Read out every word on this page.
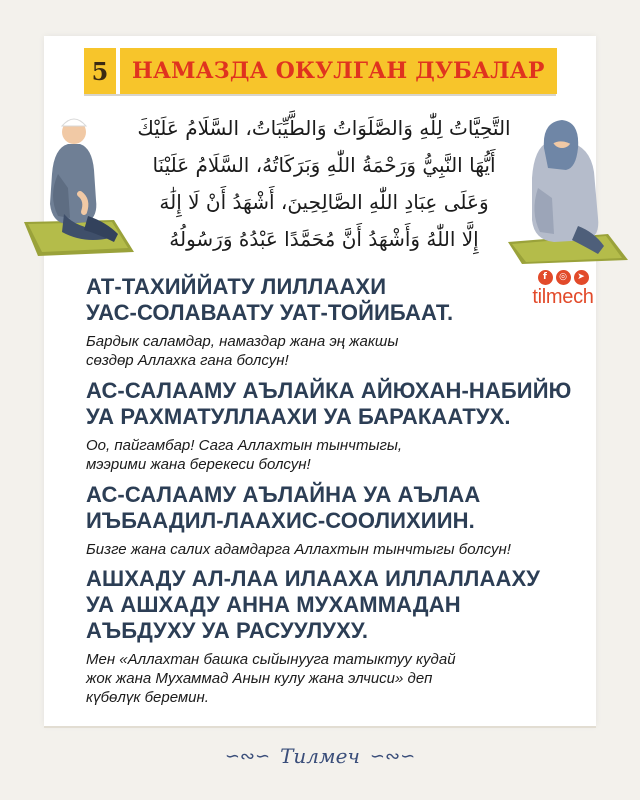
5	НАМАЗДА ОКУЛГАН ДУБАЛАР
التَّحِيَّاتُ لِلّٰهِ وَالصَّلَوَاتُ وَالطَّيِّبَاتُ، السَّلَامُ عَلَيْكَ
أَيُّهَا النَّبِيُّ وَرَحْمَةُ اللّٰهِ وَبَرَكَاتُهُ، السَّلَامُ عَلَيْنَا
وَعَلَى عِبَادِ اللّٰهِ الصَّالِحِينَ، أَشْهَدُ أَنْ لَا إِلَٰهَ
إِلَّا اللّٰهُ وَأَشْهَدُ أَنَّ مُحَمَّدًا عَبْدُهُ وَرَسُولُهُ
f	◎	➤
tilmech
АТ-ТАХИЙЙАТУ ЛИЛЛААХИ
УАС-СОЛАВААТУ УАТ-ТОЙИБААТ.
Бардык саламдар, намаздар жана эң жакшы
сөздөр Аллахка гана болсун!
АС-САЛААМУ АЪЛАЙКА АЙЮХАН-НАБИЙЮ
УА РАХМАТУЛЛААХИ УА БАРАКААТУХ.
Оо, пайгамбар! Сага Аллахтын тынчтыгы,
мээрими жана берекеси болсун!
АС-САЛААМУ АЪЛАЙНА УА АЪЛАА
ИЪБААДИЛ-ЛААХИС-СООЛИХИИН.
Бизге жана салих адамдарга Аллахтын тынчтыгы болсун!
АШХАДУ АЛ-ЛАА ИЛААХА ИЛЛАЛЛААХУ
УА АШХАДУ АННА МУХАММАДАН
АЪБДУХУ УА РАСУУЛУХУ.
Мен «Аллахтан башка сыйынууга татыктуу кудай
жок жана Мухаммад Анын кулу жана элчиси» деп
күбөлүк беремин.
∽∾∽ Тилмеч ∽∾∽
